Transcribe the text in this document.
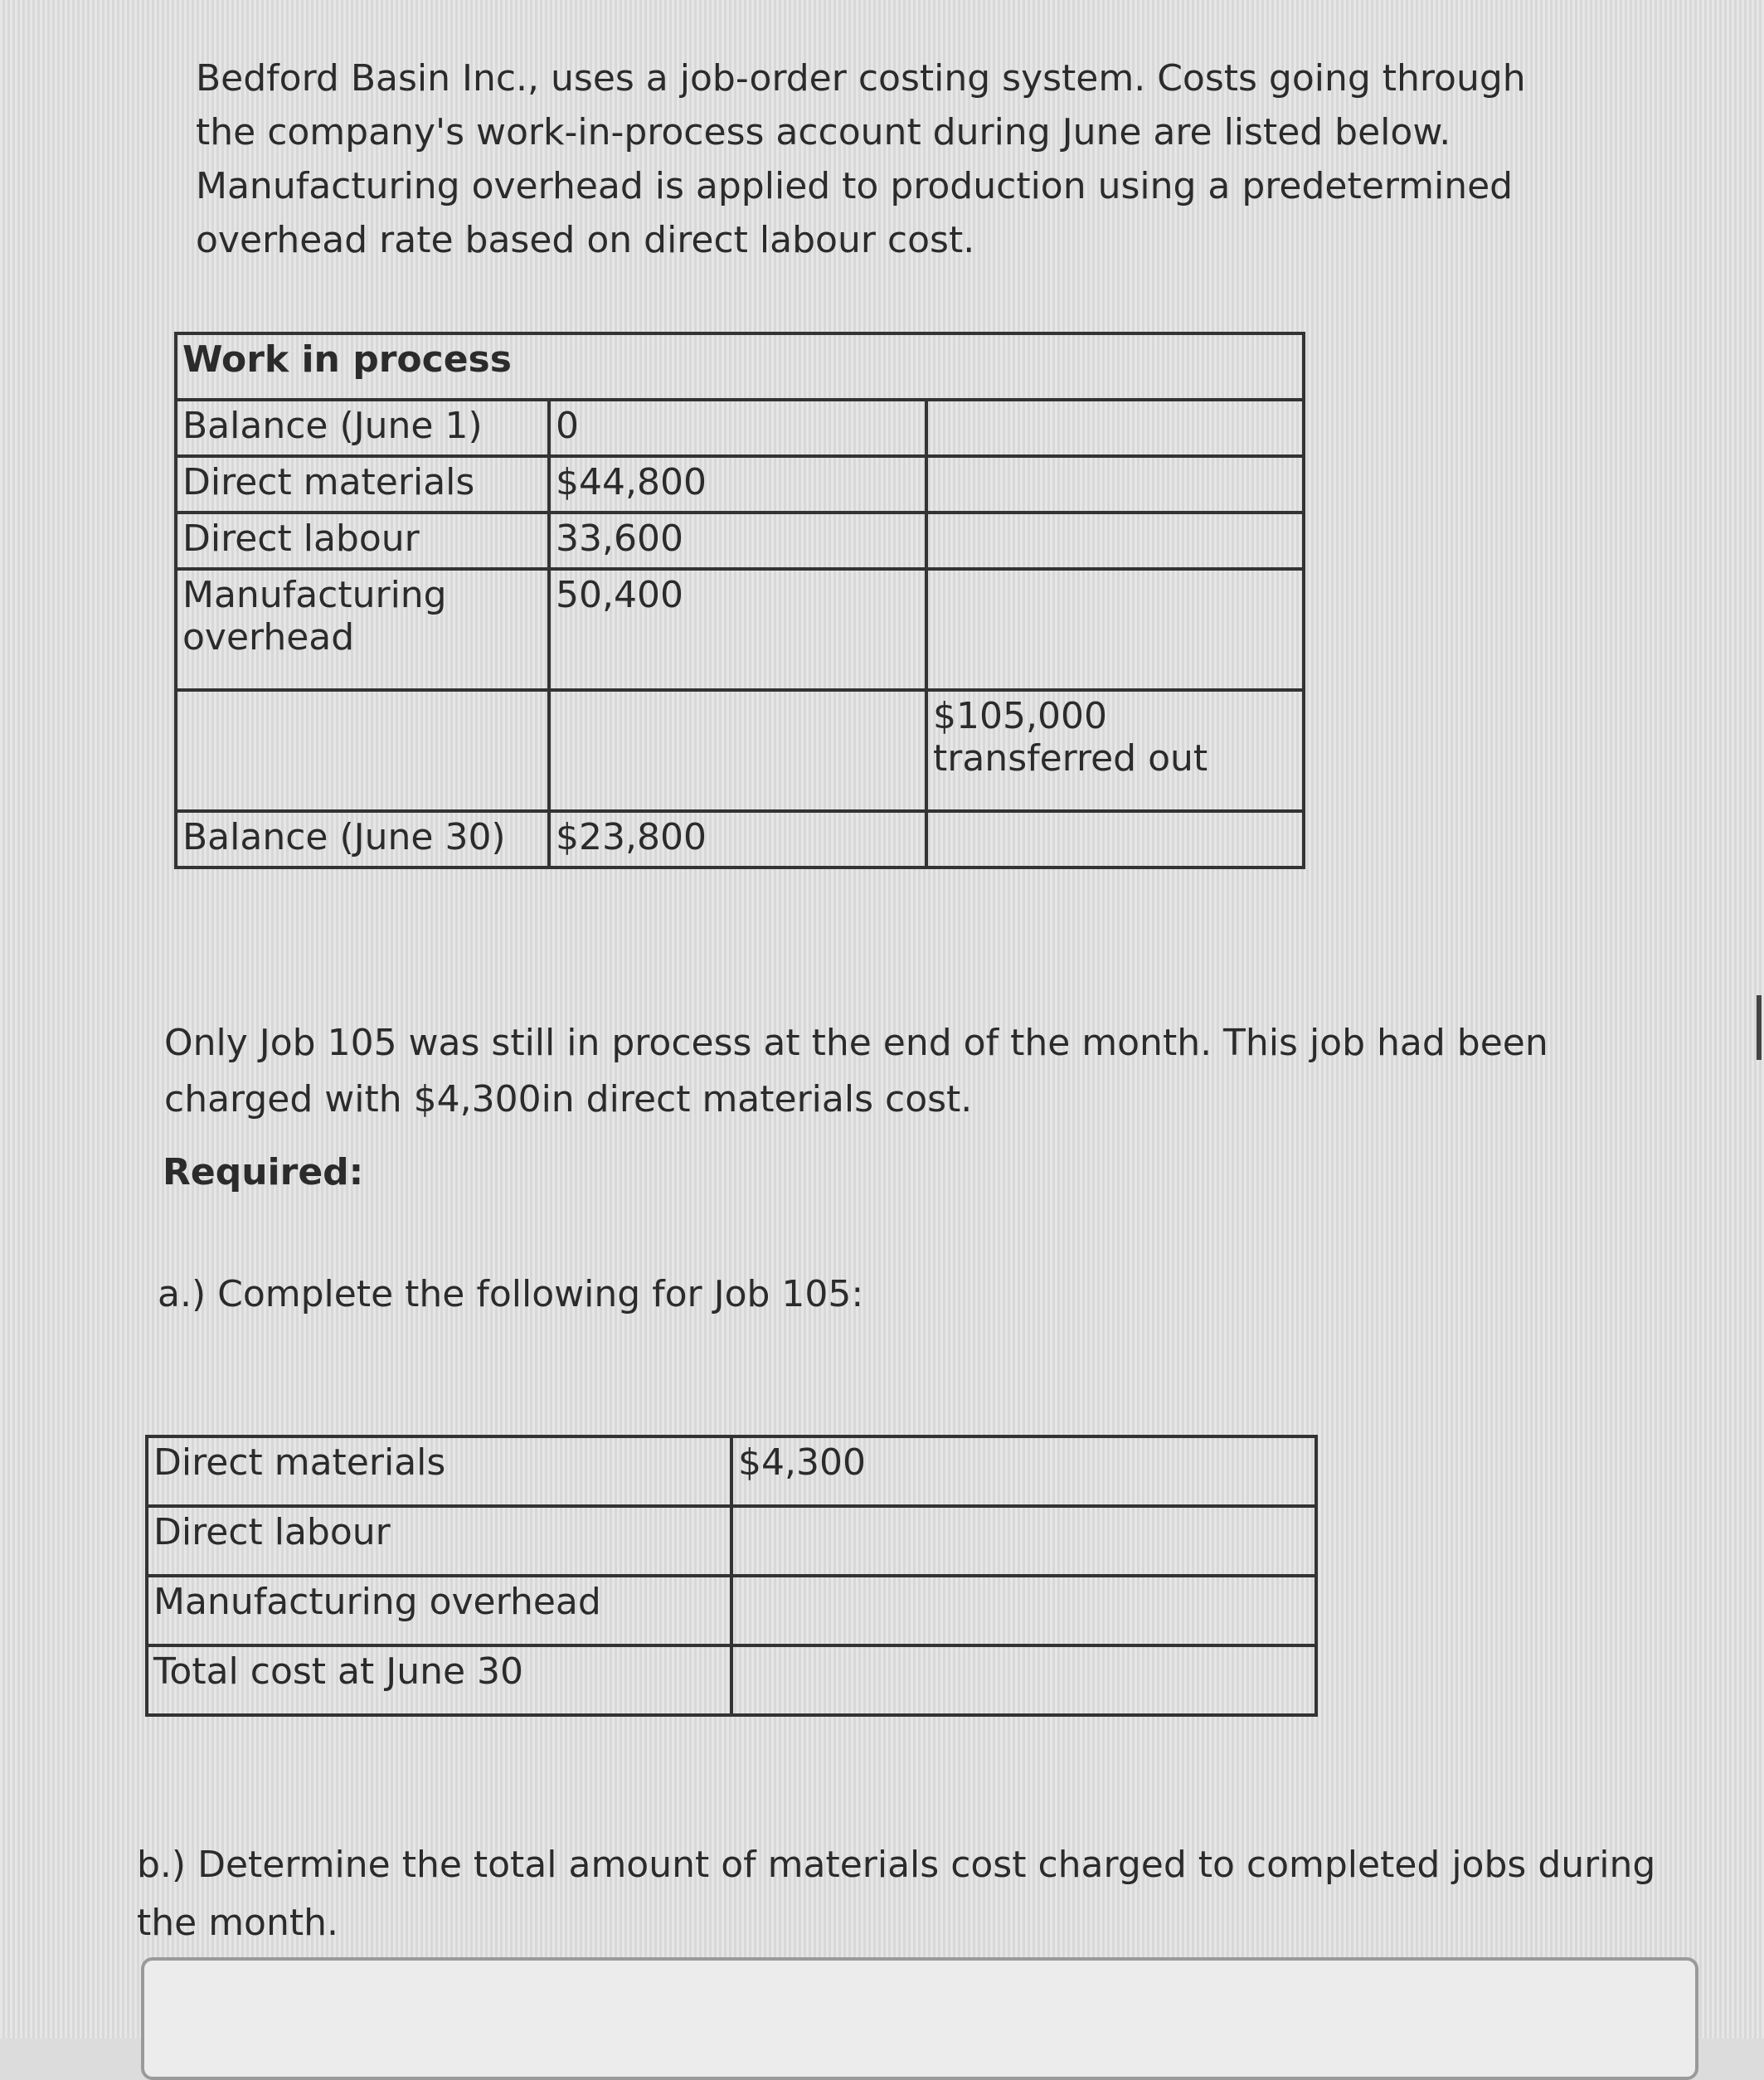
Bedford Basin Inc., uses a job-order costing system. Costs going through the company's work-in-process account during June are listed below. Manufacturing overhead is applied to production using a predetermined overhead rate based on direct labour cost.

Work in process		
Balance (June 1)	0	
Direct materials	$44,800	
Direct labour	33,600	
Manufacturing overhead	50,400	
		$105,000 transferred out
Balance (June 30)	$23,800	

Only Job 105 was still in process at the end of the month. This job had been charged with $4,300in direct materials cost.

Required:
a.) Complete the following for Job 105:
Direct materials	$4,300
Direct labour	
Manufacturing overhead	
Total cost at June 30	

b.) Determine the total amount of materials cost charged to completed jobs during the month.
